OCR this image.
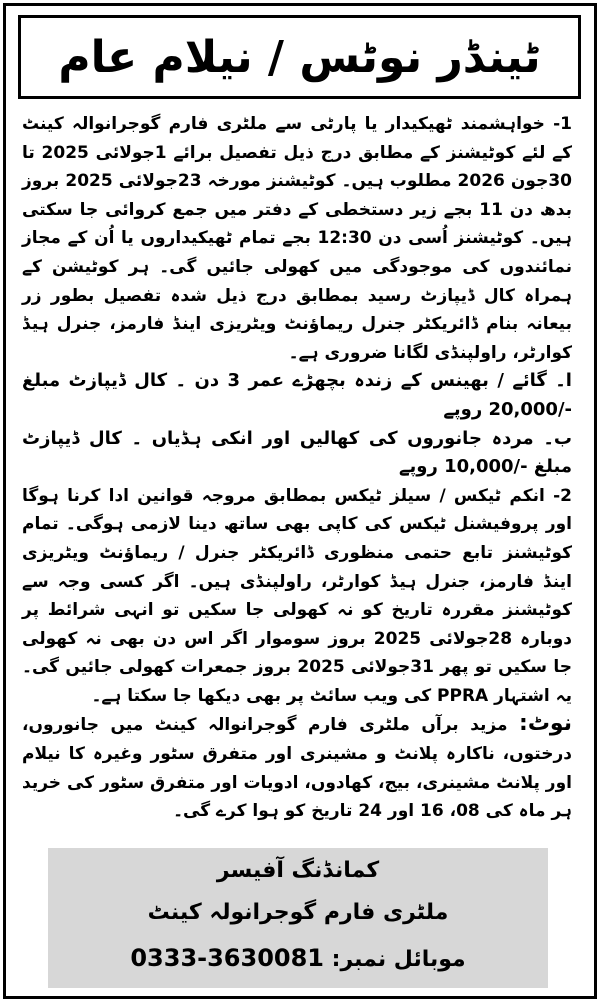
ٹینڈر نوٹس / نیلام عام

1- خواہشمند ٹھیکیدار یا پارٹی سے ملٹری فارم گوجرانوالہ کینٹ کے لئے کوٹیشنز کے مطابق درج ذیل تفصیل برائے 1جولائی 2025 تا 30جون 2026 مطلوب ہیں۔ کوٹیشنز مورخہ 23جولائی 2025 بروز بدھ دن 11 بجے زیر دستخطی کے دفتر میں جمع کروائی جا سکتی ہیں۔ کوٹیشنز اُسی دن 12:30 بجے تمام ٹھیکیداروں یا اُن کے مجاز نمائندوں کی موجودگی میں کھولی جائیں گی۔ ہر کوٹیشن کے ہمراہ کال ڈیپازٹ رسید بمطابق درج ذیل شدہ تفصیل بطور زر بیعانہ بنام ڈائریکٹر جنرل ریماؤنٹ ویٹریزی اینڈ فارمز، جنرل ہیڈ کوارٹر، راولپنڈی لگانا ضروری ہے۔

ا۔ گائے / بھینس کے زندہ بچھڑے عمر 3 دن ۔ کال ڈیپازٹ مبلغ -/20,000 روپے

ب۔ مردہ جانوروں کی کھالیں اور انکی ہڈیاں ۔ کال ڈیپازٹ مبلغ -/10,000 روپے

2- انکم ٹیکس / سیلز ٹیکس بمطابق مروجہ قوانین ادا کرنا ہوگا اور پروفیشنل ٹیکس کی کاپی بھی ساتھ دینا لازمی ہوگی۔ تمام کوٹیشنز تابع حتمی منظوری ڈائریکٹر جنرل / ریماؤنٹ ویٹریزی اینڈ فارمز، جنرل ہیڈ کوارٹر، راولپنڈی ہیں۔ اگر کسی وجہ سے کوٹیشنز مقررہ تاریخ کو نہ کھولی جا سکیں تو انہی شرائط پر دوبارہ 28جولائی 2025 بروز سوموار اگر اس دن بھی نہ کھولی جا سکیں تو پھر 31جولائی 2025 بروز جمعرات کھولی جائیں گی۔ یہ اشتہار PPRA کی ویب سائٹ پر بھی دیکھا جا سکتا ہے۔

نوٹ: مزید برآں ملٹری فارم گوجرانوالہ کینٹ میں جانوروں، درختوں، ناکارہ پلانٹ و مشینری اور متفرق سٹور وغیرہ کا نیلام اور پلانٹ مشینری، بیج، کھادوں، ادویات اور متفرق سٹور کی خرید ہر ماہ کی 08، 16 اور 24 تاریخ کو ہوا کرے گی۔

کمانڈنگ آفیسر
ملٹری فارم گوجرانولہ کینٹ
موبائل نمبر: 0333-3630081
